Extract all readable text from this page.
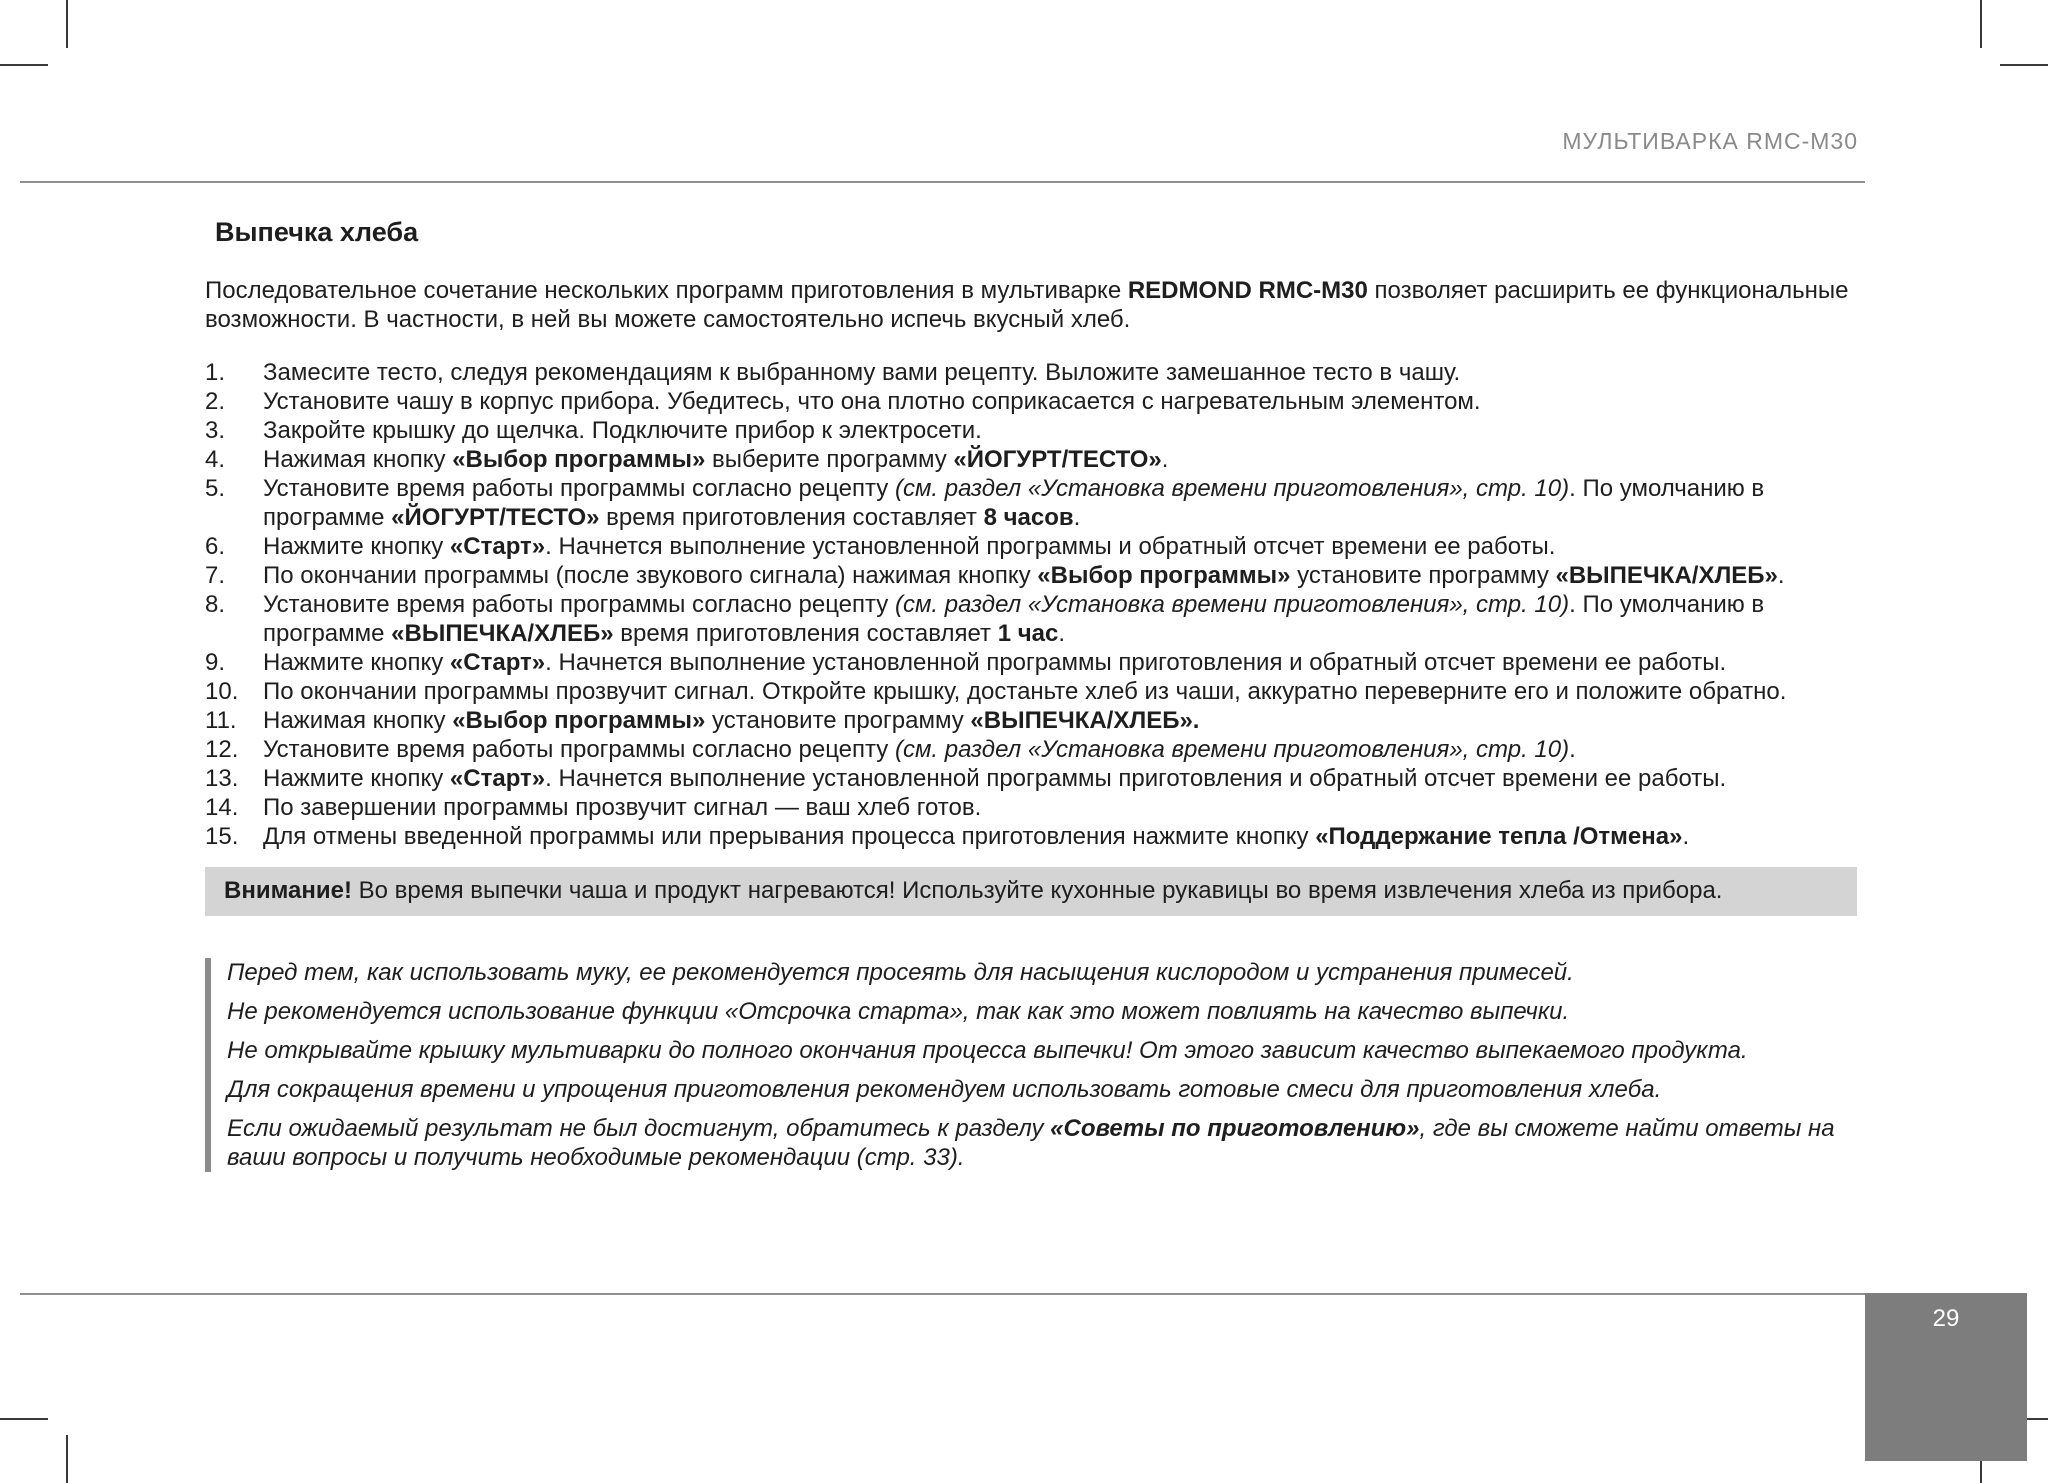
МУЛЬТИВАРКА RMC-M30
Выпечка хлеба

Последовательное сочетание нескольких программ приготовления в мультиварке REDMOND RMC-M30 позволяет расширить ее функциональные возможности. В частности, в ней вы можете самостоятельно испечь вкусный хлеб.

1. Замесите тесто, следуя рекомендациям к выбранному вами рецепту. Выложите замешанное тесто в чашу.
2. Установите чашу в корпус прибора. Убедитесь, что она плотно соприкасается с нагревательным элементом.
3. Закройте крышку до щелчка. Подключите прибор к электросети.
4. Нажимая кнопку «Выбор программы» выберите программу «ЙОГУРТ/ТЕСТО».
5. Установите время работы программы согласно рецепту (см. раздел «Установка времени приготовления», стр. 10). По умолчанию в программе «ЙОГУРТ/ТЕСТО» время приготовления составляет 8 часов.
6. Нажмите кнопку «Старт». Начнется выполнение установленной программы и обратный отсчет времени ее работы.
7. По окончании программы (после звукового сигнала) нажимая кнопку «Выбор программы» установите программу «ВЫПЕЧКА/ХЛЕБ».
8. Установите время работы программы согласно рецепту (см. раздел «Установка времени приготовления», стр. 10). По умолчанию в программе «ВЫПЕЧКА/ХЛЕБ» время приготовления составляет 1 час.
9. Нажмите кнопку «Старт». Начнется выполнение установленной программы приготовления и обратный отсчет времени ее работы.
10. По окончании программы прозвучит сигнал. Откройте крышку, достаньте хлеб из чаши, аккуратно переверните его и положите обратно.
11. Нажимая кнопку «Выбор программы» установите программу «ВЫПЕЧКА/ХЛЕБ».
12. Установите время работы программы согласно рецепту (см. раздел «Установка времени приготовления», стр. 10).
13. Нажмите кнопку «Старт». Начнется выполнение установленной программы приготовления и обратный отсчет времени ее работы.
14. По завершении программы прозвучит сигнал — ваш хлеб готов.
15. Для отмены введенной программы или прерывания процесса приготовления нажмите кнопку «Поддержание тепла /Отмена».
Внимание! Во время выпечки чаша и продукт нагреваются! Используйте кухонные рукавицы во время извлечения хлеба из прибора.

Перед тем, как использовать муку, ее рекомендуется просеять для насыщения кислородом и устранения примесей.

Не рекомендуется использование функции «Отсрочка старта», так как это может повлиять на качество выпечки.

Не открывайте крышку мультиварки до полного окончания процесса выпечки! От этого зависит качество выпекаемого продукта.

Для сокращения времени и упрощения приготовления рекомендуем использовать готовые смеси для приготовления хлеба.

Если ожидаемый результат не был достигнут, обратитесь к разделу «Советы по приготовлению», где вы сможете найти ответы на ваши вопросы и получить необходимые рекомендации (стр. 33).

29
